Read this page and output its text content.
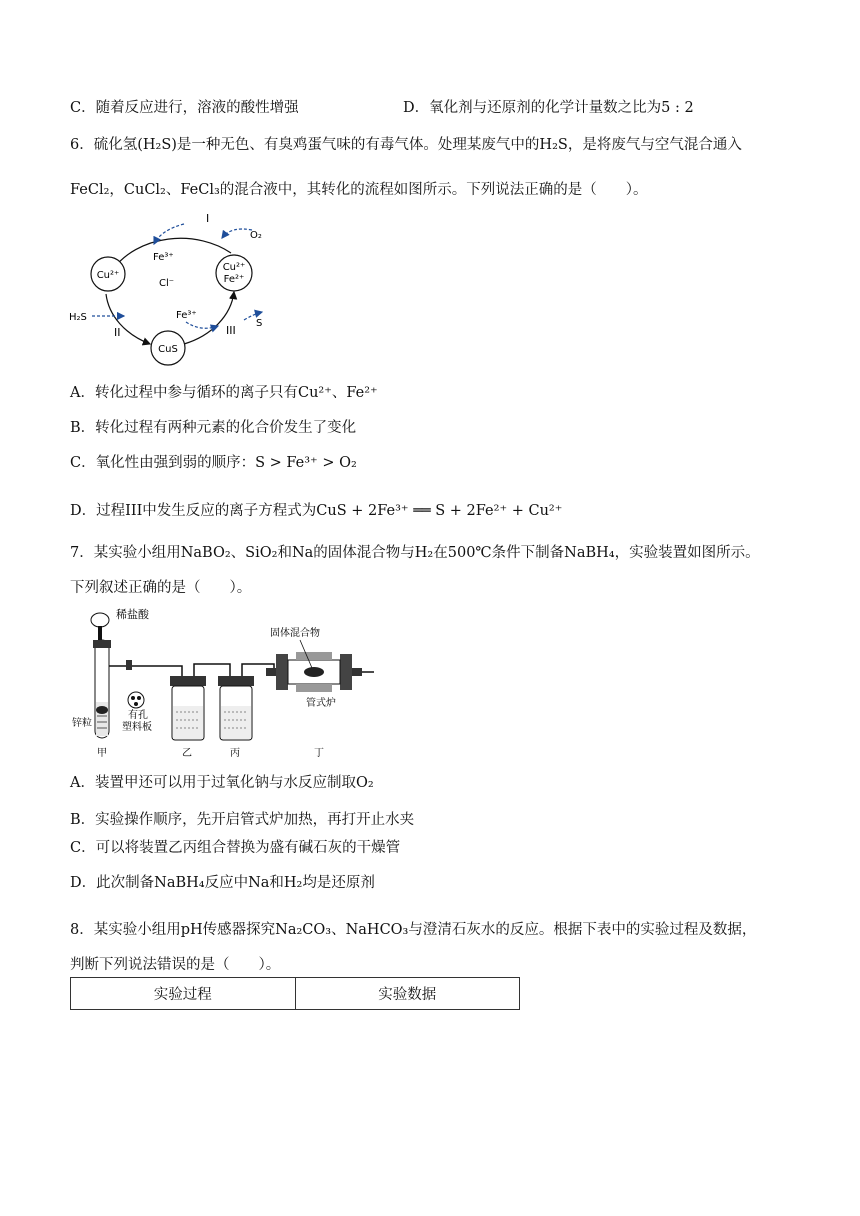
C．随着反应进行，溶液的酸性增强	D．氧化剂与还原剂的化学计量数之比为5 : 2
6．硫化氢(H₂S)是一种无色、有臭鸡蛋气味的有毒气体。处理某废气中的H₂S，是将废气与空气混合通入
FeCl₂，CuCl₂、FeCl₃的混合液中，其转化的流程如图所示。下列说法正确的是（　　）。
Cu²⁺
Cu²⁺
Fe²⁺
CuS
I
II	III
Fe³⁺
Cl⁻
O₂
H₂S	Fe³⁺
S
A．转化过程中参与循环的离子只有Cu²⁺、Fe²⁺
B．转化过程有两种元素的化合价发生了变化
C．氧化性由强到弱的顺序：S > Fe³⁺ > O₂
D．过程III中发生反应的离子方程式为CuS + 2Fe³⁺ ══ S + 2Fe²⁺ + Cu²⁺
7．某实验小组用NaBO₂、SiO₂和Na的固体混合物与H₂在500℃条件下制备NaBH₄，实验装置如图所示。
下列叙述正确的是（　　）。
稀盐酸
有孔
塑料板
锌粒
固体混合物
管式炉
甲	乙	丙	丁
A．装置甲还可以用于过氧化钠与水反应制取O₂
B．实验操作顺序，先开启管式炉加热，再打开止水夹
C．可以将装置乙丙组合替换为盛有碱石灰的干燥管
D．此次制备NaBH₄反应中Na和H₂均是还原剂
8．某实验小组用pH传感器探究Na₂CO₃、NaHCO₃与澄清石灰水的反应。根据下表中的实验过程及数据，
判断下列说法错误的是（　　）。
实验过程	实验数据
